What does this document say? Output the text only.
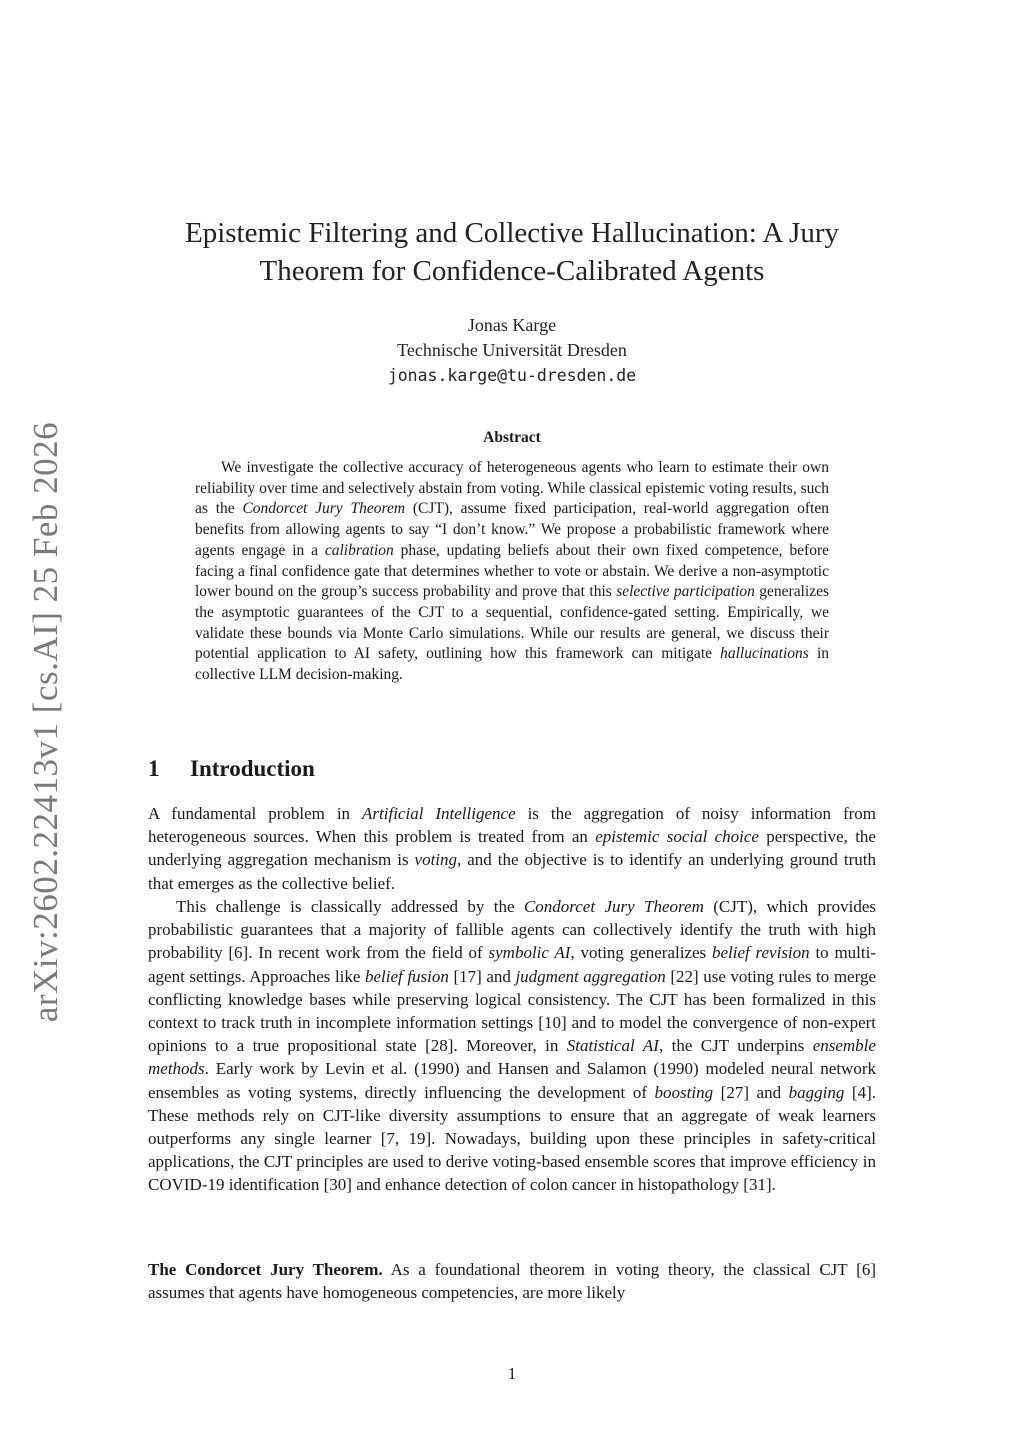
arXiv:2602.22413v1 [cs.AI] 25 Feb 2026
Epistemic Filtering and Collective Hallucination: A Jury
Theorem for Confidence-Calibrated Agents
Jonas Karge
Technische Universität Dresden
jonas.karge@tu-dresden.de
Abstract

We investigate the collective accuracy of heterogeneous agents who learn to estimate their own reliability over time and selectively abstain from voting. While classical epistemic voting results, such as the Condorcet Jury Theorem (CJT), assume fixed participation, real-world aggregation often benefits from allowing agents to say “I don’t know.” We propose a probabilistic framework where agents engage in a calibration phase, updating beliefs about their own fixed competence, before facing a final confidence gate that determines whether to vote or abstain. We derive a non-asymptotic lower bound on the group’s success probability and prove that this selective participation generalizes the asymptotic guarantees of the CJT to a sequential, confidence-gated setting. Empirically, we validate these bounds via Monte Carlo simulations. While our results are general, we discuss their potential application to AI safety, outlining how this framework can mitigate hallucinations in collective LLM decision-making.

1 Introduction

A fundamental problem in Artificial Intelligence is the aggregation of noisy information from heterogeneous sources. When this problem is treated from an epistemic social choice perspective, the underlying aggregation mechanism is voting, and the objective is to identify an underlying ground truth that emerges as the collective belief.

This challenge is classically addressed by the Condorcet Jury Theorem (CJT), which provides probabilistic guarantees that a majority of fallible agents can collectively identify the truth with high probability [6]. In recent work from the field of symbolic AI, voting generalizes belief revision to multi-agent settings. Approaches like belief fusion [17] and judgment aggregation [22] use voting rules to merge conflicting knowledge bases while preserving logical consistency. The CJT has been formalized in this context to track truth in incomplete information settings [10] and to model the convergence of non-expert opinions to a true propositional state [28]. Moreover, in Statistical AI, the CJT underpins ensemble methods. Early work by Levin et al. (1990) and Hansen and Salamon (1990) modeled neural network ensembles as voting systems, directly influencing the development of boosting [27] and bagging [4]. These methods rely on CJT-like diversity assumptions to ensure that an aggregate of weak learners outperforms any single learner [7, 19]. Nowadays, building upon these principles in safety-critical applications, the CJT principles are used to derive voting-based ensemble scores that improve efficiency in COVID-19 identification [30] and enhance detection of colon cancer in histopathology [31].

The Condorcet Jury Theorem. As a foundational theorem in voting theory, the classical CJT [6] assumes that agents have homogeneous competencies, are more likely

1
